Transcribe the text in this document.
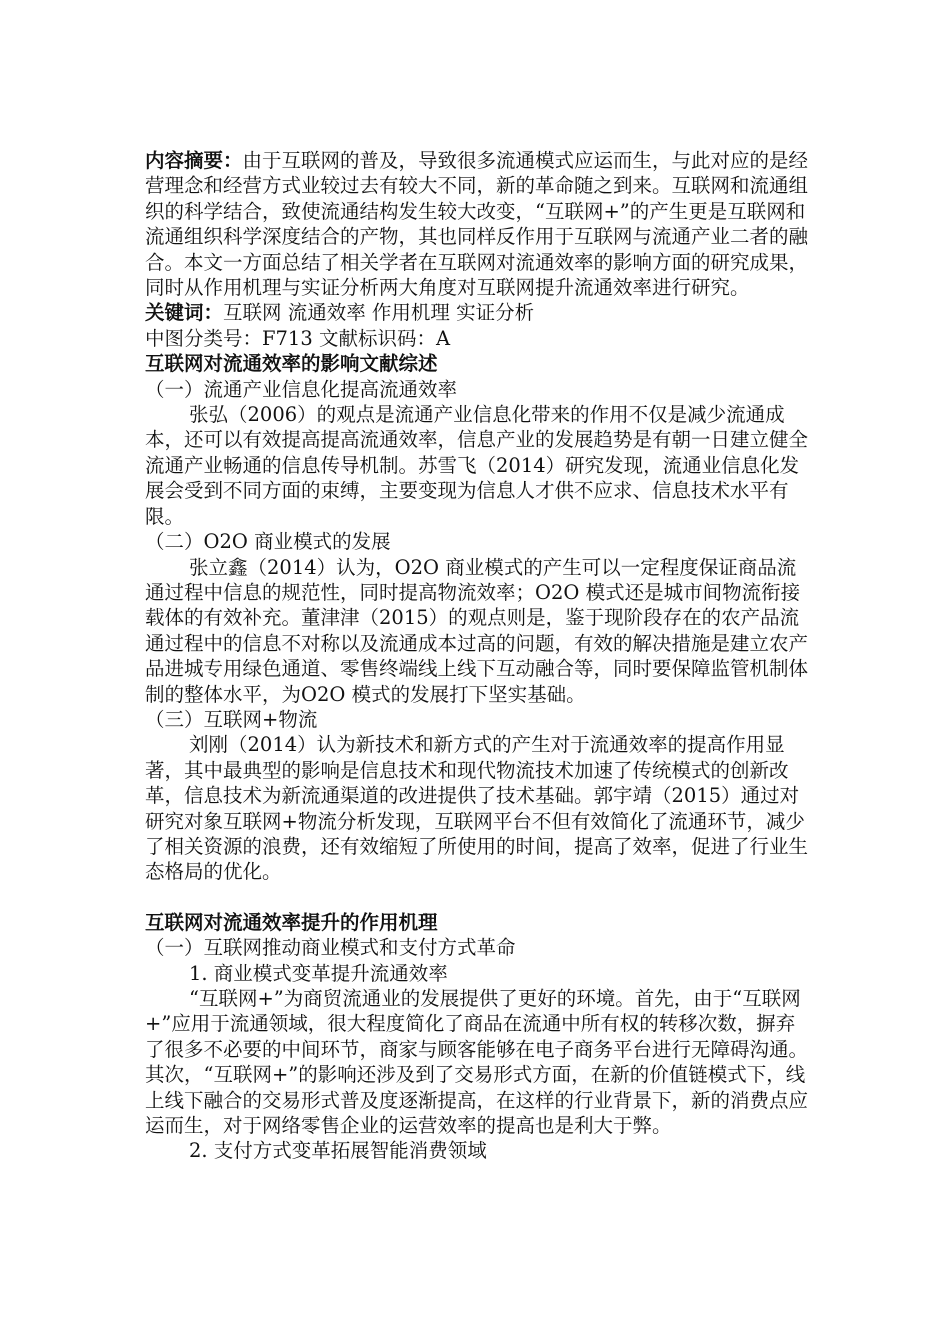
内容摘要：由于互联网的普及，导致很多流通模式应运而生，与此对应的是经营理念和经营方式业较过去有较大不同，新的革命随之到来。互联网和流通组织的科学结合，致使流通结构发生较大改变，“互联网+”的产生更是互联网和流通组织科学深度结合的产物，其也同样反作用于互联网与流通产业二者的融合。本文一方面总结了相关学者在互联网对流通效率的影响方面的研究成果，同时从作用机理与实证分析两大角度对互联网提升流通效率进行研究。

关键词：互联网 流通效率 作用机理 实证分析

中图分类号：F713 文献标识码：A

互联网对流通效率的影响文献综述

（一）流通产业信息化提高流通效率

张弘（2006）的观点是流通产业信息化带来的作用不仅是减少流通成本，还可以有效提高提高流通效率，信息产业的发展趋势是有朝一日建立健全流通产业畅通的信息传导机制。苏雪飞（2014）研究发现，流通业信息化发展会受到不同方面的束缚，主要变现为信息人才供不应求、信息技术水平有限。

（二）O2O 商业模式的发展

张立鑫（2014）认为，O2O 商业模式的产生可以一定程度保证商品流通过程中信息的规范性，同时提高物流效率；O2O 模式还是城市间物流衔接载体的有效补充。董津津（2015）的观点则是，鉴于现阶段存在的农产品流通过程中的信息不对称以及流通成本过高的问题，有效的解决措施是建立农产品进城专用绿色通道、零售终端线上线下互动融合等，同时要保障监管机制体制的整体水平，为O2O 模式的发展打下坚实基础。

（三）互联网+物流

刘刚（2014）认为新技术和新方式的产生对于流通效率的提高作用显著，其中最典型的影响是信息技术和现代物流技术加速了传统模式的创新改革，信息技术为新流通渠道的改进提供了技术基础。郭宇靖（2015）通过对研究对象互联网+物流分析发现，互联网平台不但有效简化了流通环节，减少了相关资源的浪费，还有效缩短了所使用的时间，提高了效率，促进了行业生态格局的优化。

互联网对流通效率提升的作用机理

（一）互联网推动商业模式和支付方式革命

1. 商业模式变革提升流通效率

“互联网+”为商贸流通业的发展提供了更好的环境。首先，由于“互联网+”应用于流通领域，很大程度简化了商品在流通中所有权的转移次数，摒弃了很多不必要的中间环节，商家与顾客能够在电子商务平台进行无障碍沟通。其次，“互联网+”的影响还涉及到了交易形式方面，在新的价值链模式下，线上线下融合的交易形式普及度逐渐提高，在这样的行业背景下，新的消费点应运而生，对于网络零售企业的运营效率的提高也是利大于弊。

2. 支付方式变革拓展智能消费领域
